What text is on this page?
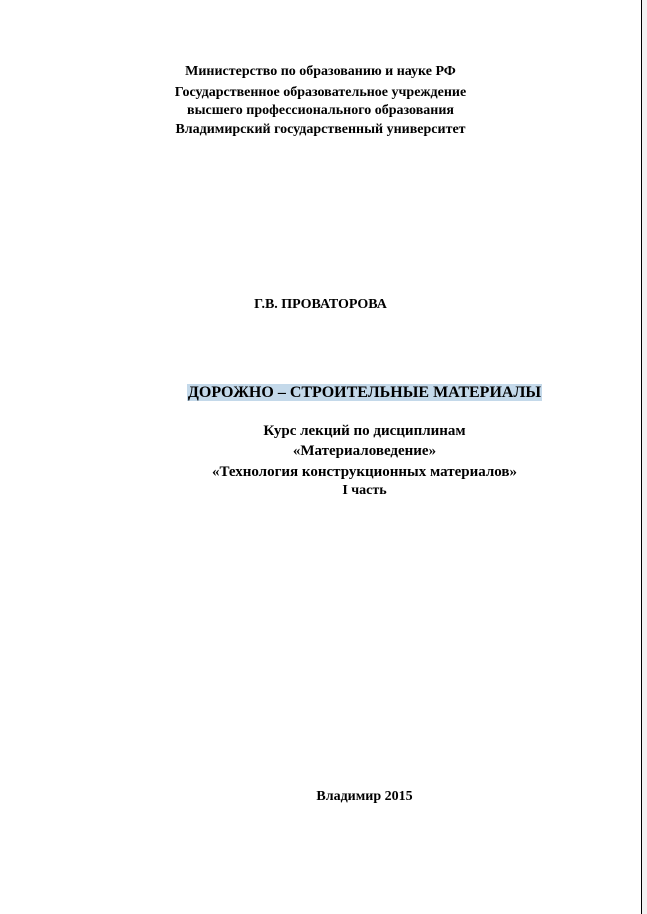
Министерство по образованию и науке РФ
Государственное образовательное учреждение
высшего профессионального образования
Владимирский государственный университет
Г.В. ПРОВАТОРОВА
ДОРОЖНО – СТРОИТЕЛЬНЫЕ МАТЕРИАЛЫ
Курс лекций по дисциплинам
«Материаловедение»
«Технология конструкционных материалов»
I часть
Владимир 2015
